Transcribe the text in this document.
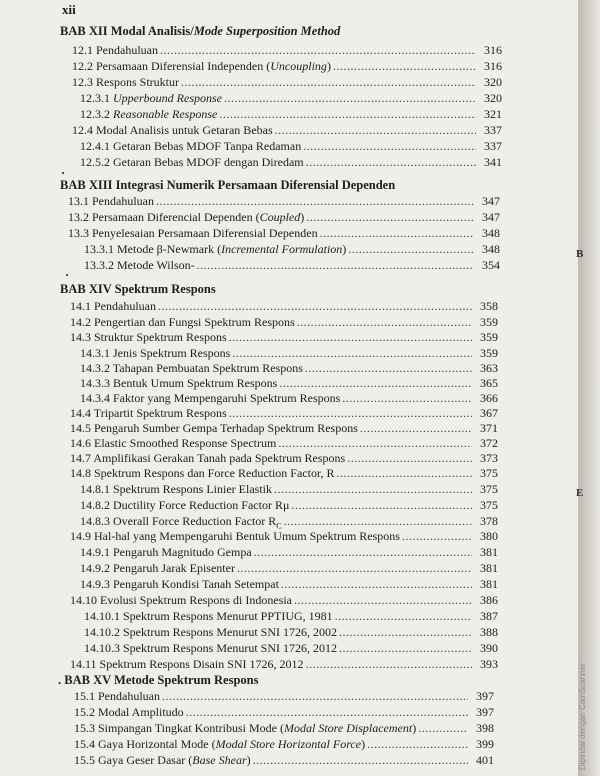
xii
BAB XII Modal Analisis/Mode Superposition Method
12.1 Pendahuluan .....	316
12.2 Persamaan Diferensial Independen (Uncoupling) .....	316
12.3 Respons Struktur .....	320
12.3.1 Upperbound Response .....	320
12.3.2 Reasonable Response .....	321
12.4 Modal Analisis untuk Getaran Bebas .....	337
12.4.1 Getaran Bebas MDOF Tanpa Redaman .....	337
12.5.2 Getaran Bebas MDOF dengan Diredam .....	341
BAB XIII Integrasi Numerik Persamaan Diferensial Dependen
13.1 Pendahuluan .....	347
13.2 Persamaan Diferencial Dependen (Coupled) .....	347
13.3 Penyelesaian Persamaan Diferensial Dependen .....	348
13.3.1 Metode β-Newmark (Incremental Formulation) .....	348
13.3.2 Metode Wilson- .....	354
BAB XIV Spektrum Respons
14.1 Pendahuluan .....	358
14.2 Pengertian dan Fungsi Spektrum Respons .....	359
14.3 Struktur Spektrum Respons .....	359
14.3.1 Jenis Spektrum Respons .....	359
14.3.2 Tahapan Pembuatan Spektrum Respons .....	363
14.3.3 Bentuk Umum Spektrum Respons .....	365
14.3.4 Faktor yang Mempengaruhi Spektrum Respons .....	366
14.4 Tripartit Spektrum Respons .....	367
14.5 Pengaruh Sumber Gempa Terhadap Spektrum Respons .....	371
14.6 Elastic Smoothed Response Spectrum .....	372
14.7 Amplifikasi Gerakan Tanah pada Spektrum Respons .....	373
14.8 Spektrum Respons dan Force Reduction Factor, R .....	375
14.8.1 Spektrum Respons Linier Elastik .....	375
14.8.2 Ductility Force Reduction Factor Rμ .....	375
14.8.3 Overall Force Reduction Factor $R_C$ .....	378
14.9 Hal-hal yang Mempengaruhi Bentuk Umum Spektrum Respons .....	380
14.9.1 Pengaruh Magnitudo Gempa .....	381
14.9.2 Pengaruh Jarak Episenter .....	381
14.9.3 Pengaruh Kondisi Tanah Setempat .....	381
14.10 Evolusi Spektrum Respons di Indonesia .....	386
14.10.1 Spektrum Respons Menurut PPTIUG, 1981 .....	387
14.10.2 Spektrum Respons Menurut SNI 1726, 2002 .....	388
14.10.3 Spektrum Respons Menurut SNI 1726, 2012 .....	390
14.11 Spektrum Respons Disain SNI 1726, 2012 .....	393
. BAB XV Metode Spektrum Respons
15.1 Pendahuluan .....	397
15.2 Modal Amplitudo .....	397
15.3 Simpangan Tingkat Kontribusi Mode (Modal Store Displacement) .....	398
15.4 Gaya Horizontal Mode (Modal Store Horizontal Force) .....	399
15.5 Gaya Geser Dasar (Base Shear) .....	401
B
E
Dipindai dengan CamScanner
